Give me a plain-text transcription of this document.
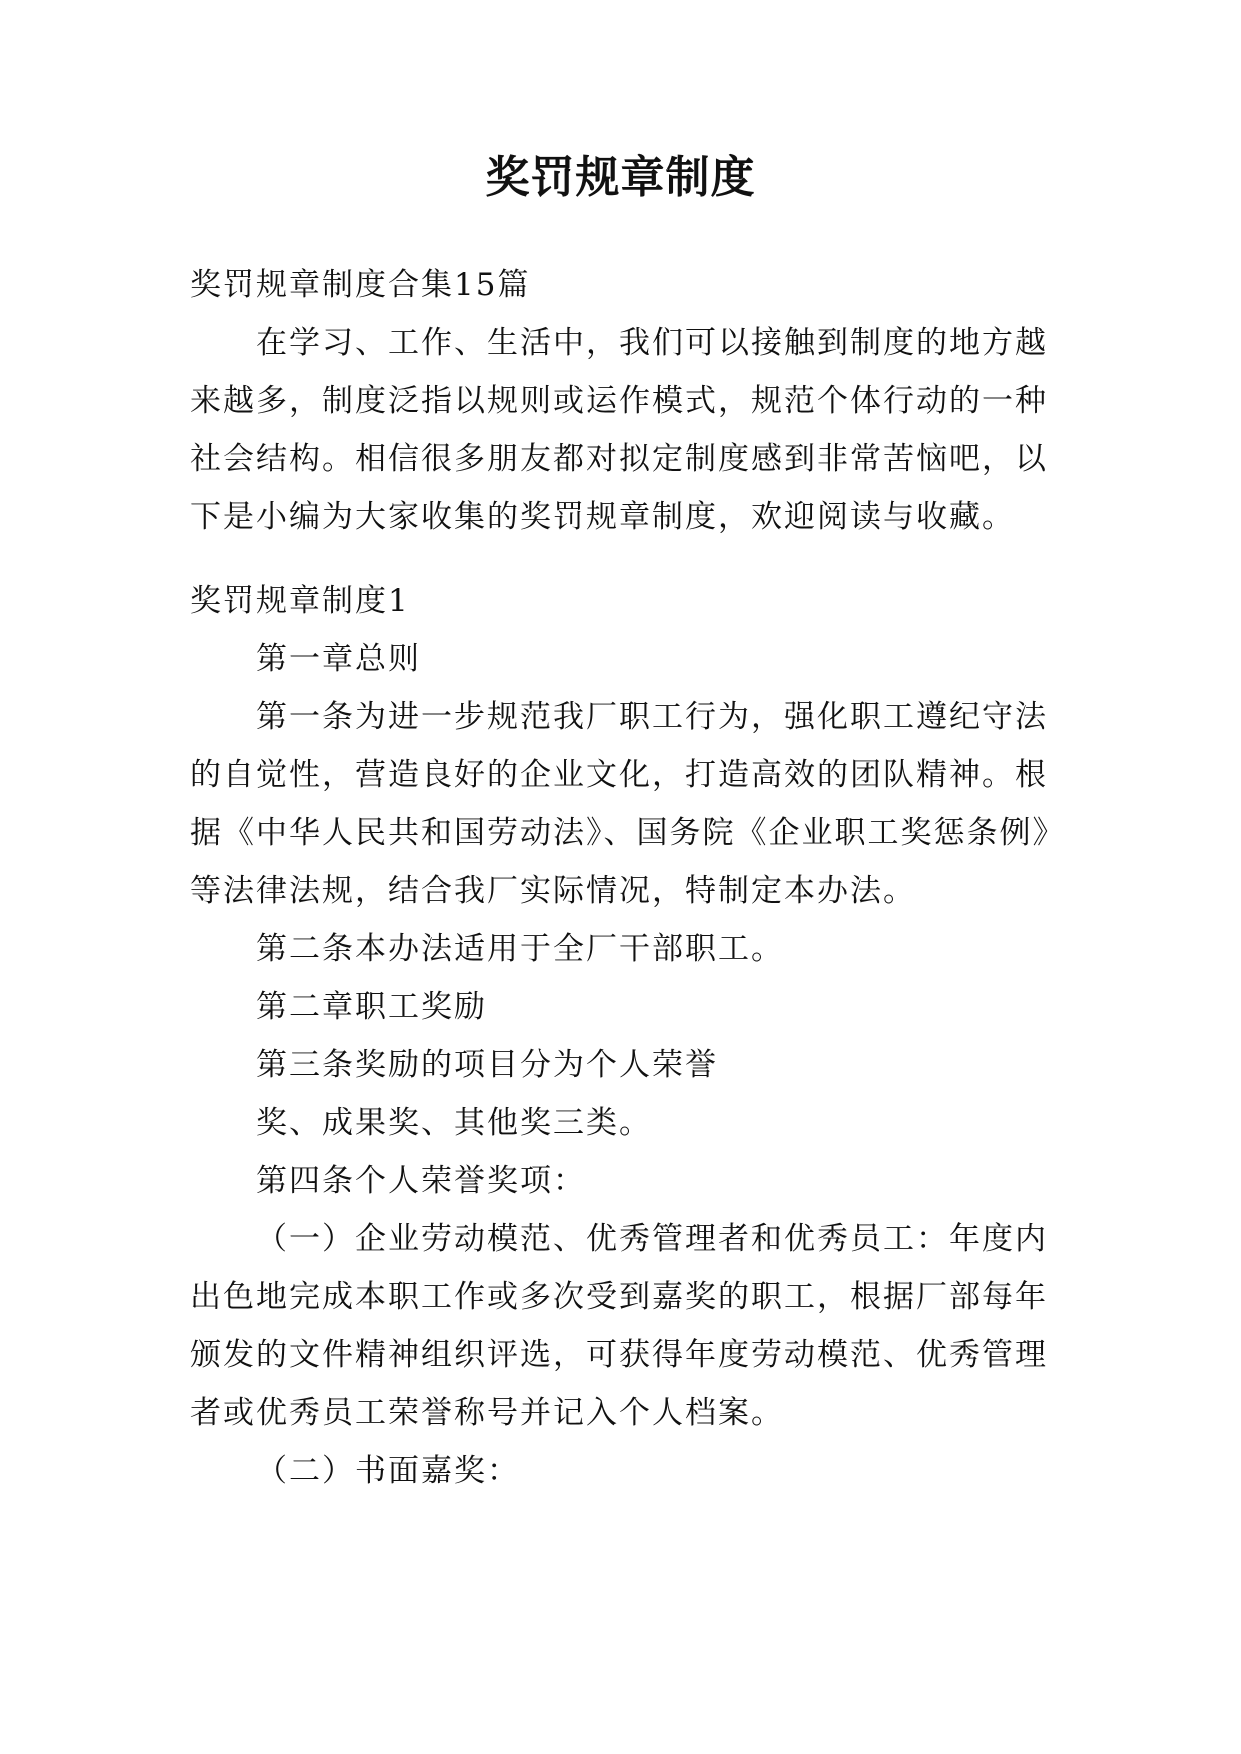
奖罚规章制度
奖罚规章制度合集15篇
在学习、工作、生活中，我们可以接触到制度的地方越
来越多，制度泛指以规则或运作模式，规范个体行动的一种
社会结构。相信很多朋友都对拟定制度感到非常苦恼吧，以
下是小编为大家收集的奖罚规章制度，欢迎阅读与收藏。
奖罚规章制度1
第一章总则
第一条为进一步规范我厂职工行为，强化职工遵纪守法
的自觉性，营造良好的企业文化，打造高效的团队精神。根
据《中华人民共和国劳动法》、国务院《企业职工奖惩条例》
等法律法规，结合我厂实际情况，特制定本办法。
第二条本办法适用于全厂干部职工。
第二章职工奖励
第三条奖励的项目分为个人荣誉
奖、成果奖、其他奖三类。
第四条个人荣誉奖项：
（一）企业劳动模范、优秀管理者和优秀员工：年度内
出色地完成本职工作或多次受到嘉奖的职工，根据厂部每年
颁发的文件精神组织评选，可获得年度劳动模范、优秀管理
者或优秀员工荣誉称号并记入个人档案。
（二）书面嘉奖：
